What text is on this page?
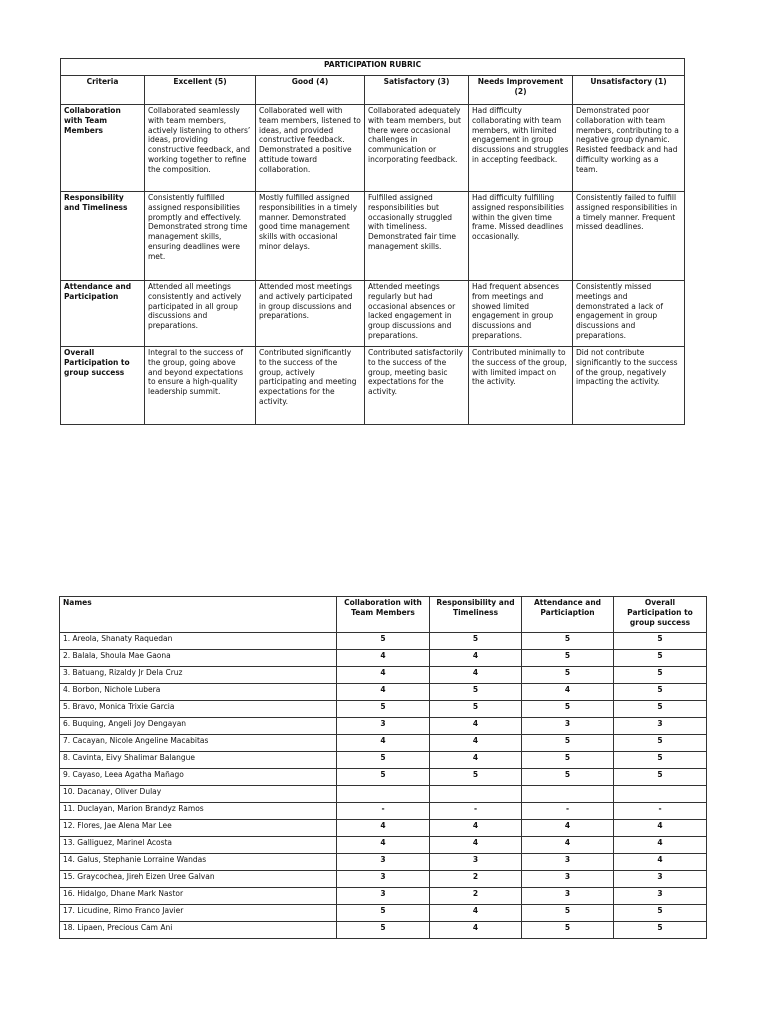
PARTICIPATION RUBRIC					
Criteria	Excellent (5)	Good (4)	Satisfactory (3)	Needs Improvement (2)	Unsatisfactory (1)
Collaboration with Team Members	Collaborated seamlessly with team members, actively listening to others’ ideas, providing constructive feedback, and working together to refine the composition.	Collaborated well with team members, listened to ideas, and provided constructive feedback. Demonstrated a positive attitude toward collaboration.	Collaborated adequately with team members, but there were occasional challenges in communication or incorporating feedback.	Had difficulty collaborating with team members, with limited engagement in group discussions and struggles in accepting feedback.	Demonstrated poor collaboration with team members, contributing to a negative group dynamic. Resisted feedback and had difficulty working as a team.
Responsibility and Timeliness	Consistently fulfilled assigned responsibilities promptly and effectively. Demonstrated strong time management skills, ensuring deadlines were met.	Mostly fulfilled assigned responsibilities in a timely manner. Demonstrated good time management skills with occasional minor delays.	Fulfilled assigned responsibilities but occasionally struggled with timeliness. Demonstrated fair time management skills.	Had difficulty fulfilling assigned responsibilities within the given time frame. Missed deadlines occasionally.	Consistently failed to fulfill assigned responsibilities in a timely manner. Frequent missed deadlines.
Attendance and Participation	Attended all meetings consistently and actively participated in all group discussions and preparations.	Attended most meetings and actively participated in group discussions and preparations.	Attended meetings regularly but had occasional absences or lacked engagement in group discussions and preparations.	Had frequent absences from meetings and showed limited engagement in group discussions and preparations.	Consistently missed meetings and demonstrated a lack of engagement in group discussions and preparations.
Overall Participation to group success	Integral to the success of the group, going above and beyond expectations to ensure a high-quality leadership summit.	Contributed significantly to the success of the group, actively participating and meeting expectations for the activity.	Contributed satisfactorily to the success of the group, meeting basic expectations for the activity.	Contributed minimally to the success of the group, with limited impact on the activity.	Did not contribute significantly to the success of the group, negatively impacting the activity.
Names	Collaboration with Team Members	Responsibility and Timeliness	Attendance and Particiaption	Overall Participation to group success
1. Areola, Shanaty Raquedan	5	5	5	5
2. Balala, Shoula Mae Gaona	4	4	5	5
3. Batuang, Rizaldy Jr Dela Cruz	4	4	5	5
4. Borbon, Nichole Lubera	4	5	4	5
5. Bravo, Monica Trixie Garcia	5	5	5	5
6. Buquing, Angeli Joy Dengayan	3	4	3	3
7. Cacayan, Nicole Angeline Macabitas	4	4	5	5
8. Cavinta, Eivy Shalimar Balangue	5	4	5	5
9. Cayaso, Leea Agatha Mañago	5	5	5	5
10. Dacanay, Oliver Dulay				
11. Duclayan, Marion Brandyz Ramos	-	-	-	-
12. Flores, Jae Alena Mar Lee	4	4	4	4
13. Galliguez, Marinel Acosta	4	4	4	4
14. Galus, Stephanie Lorraine Wandas	3	3	3	4
15. Graycochea, Jireh Eizen Uree Galvan	3	2	3	3
16. Hidalgo, Dhane Mark Nastor	3	2	3	3
17. Licudine, Rimo Franco Javier	5	4	5	5
18. Lipaen, Precious Cam Ani	5	4	5	5
